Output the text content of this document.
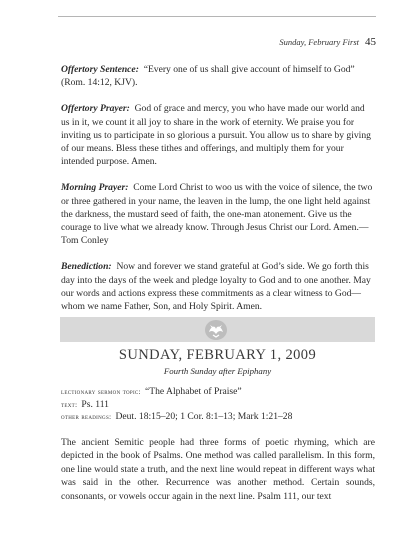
Sunday, February First 45

Offertory Sentence: “Every one of us shall give account of himself to God” (Rom. 14:12, KJV).

Offertory Prayer: God of grace and mercy, you who have made our world and us in it, we count it all joy to share in the work of eternity. We praise you for inviting us to participate in so glorious a pursuit. You allow us to share by giving of our means. Bless these tithes and offerings, and multiply them for your intended purpose. Amen.

Morning Prayer: Come Lord Christ to woo us with the voice of silence, the two or three gathered in your name, the leaven in the lump, the one light held against the darkness, the mustard seed of faith, the one-man atonement. Give us the courage to live what we already know. Through Jesus Christ our Lord. Amen.—Tom Conley

Benediction: Now and forever we stand grateful at God’s side. We go forth this day into the days of the week and pledge loyalty to God and to one another. May our words and actions express these commitments as a clear witness to God—whom we name Father, Son, and Holy Spirit. Amen.

SUNDAY, FEBRUARY 1, 2009
Fourth Sunday after Epiphany
lectionary sermon topic: “The Alphabet of Praise”
text: Ps. 111
other readings: Deut. 18:15–20; 1 Cor. 8:1–13; Mark 1:21–28
The ancient Semitic people had three forms of poetic rhyming, which are depicted in the book of Psalms. One method was called parallelism. In this form, one line would state a truth, and the next line would repeat in different ways what was said in the other. Recurrence was another method. Certain sounds, consonants, or vowels occur again in the next line. Psalm 111, our text
